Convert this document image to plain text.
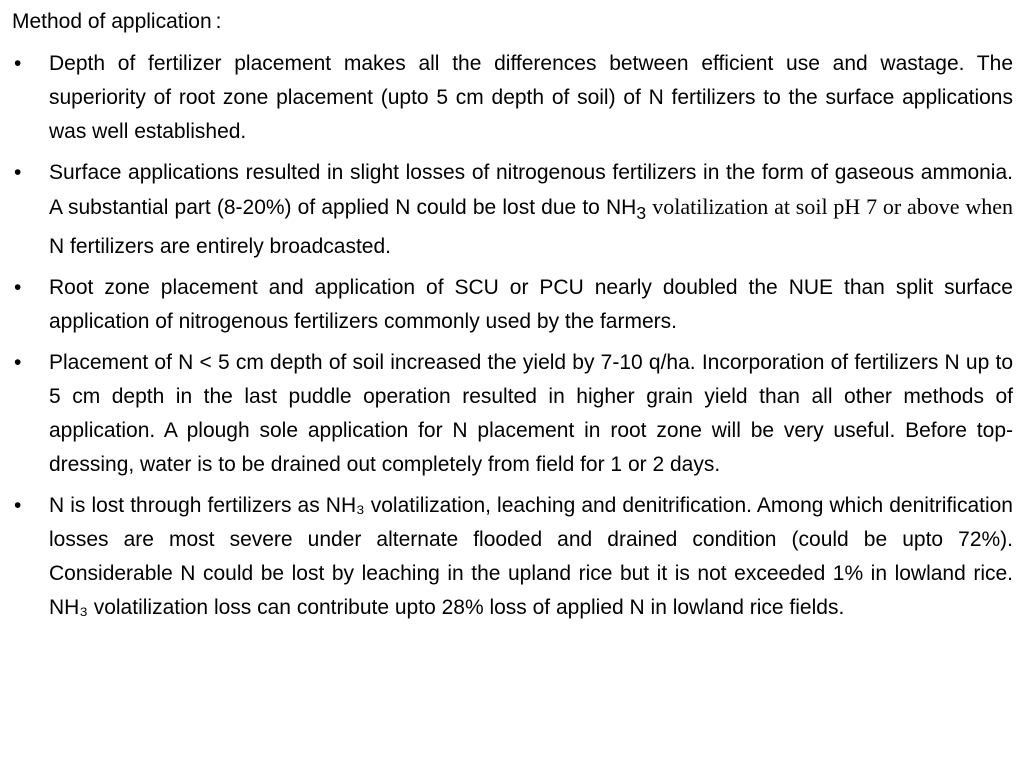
Method of application :
• Depth of fertilizer placement makes all the differences between efficient use and wastage. The superiority of root zone placement (upto 5 cm depth of soil) of N fertilizers to the surface applications was well established.
• Surface applications resulted in slight losses of nitrogenous fertilizers in the form of gaseous ammonia. A substantial part (8-20%) of applied N could be lost due to $NH_3$ volatilization at soil pH 7 or above when N fertilizers are entirely broadcasted.
• Root zone placement and application of SCU or PCU nearly doubled the NUE than split surface application of nitrogenous fertilizers commonly used by the farmers.
• Placement of N < 5 cm depth of soil increased the yield by 7-10 q/ha. Incorporation of fertilizers N up to 5 cm depth in the last puddle operation resulted in higher grain yield than all other methods of application. A plough sole application for N placement in root zone will be very useful. Before top-dressing, water is to be drained out completely from field for 1 or 2 days.
• N is lost through fertilizers as NH₃ volatilization, leaching and denitrification. Among which denitrification losses are most severe under alternate flooded and drained condition (could be upto 72%). Considerable N could be lost by leaching in the upland rice but it is not exceeded 1% in lowland rice. NH₃ volatilization loss can contribute upto 28% loss of applied N in lowland rice fields.
